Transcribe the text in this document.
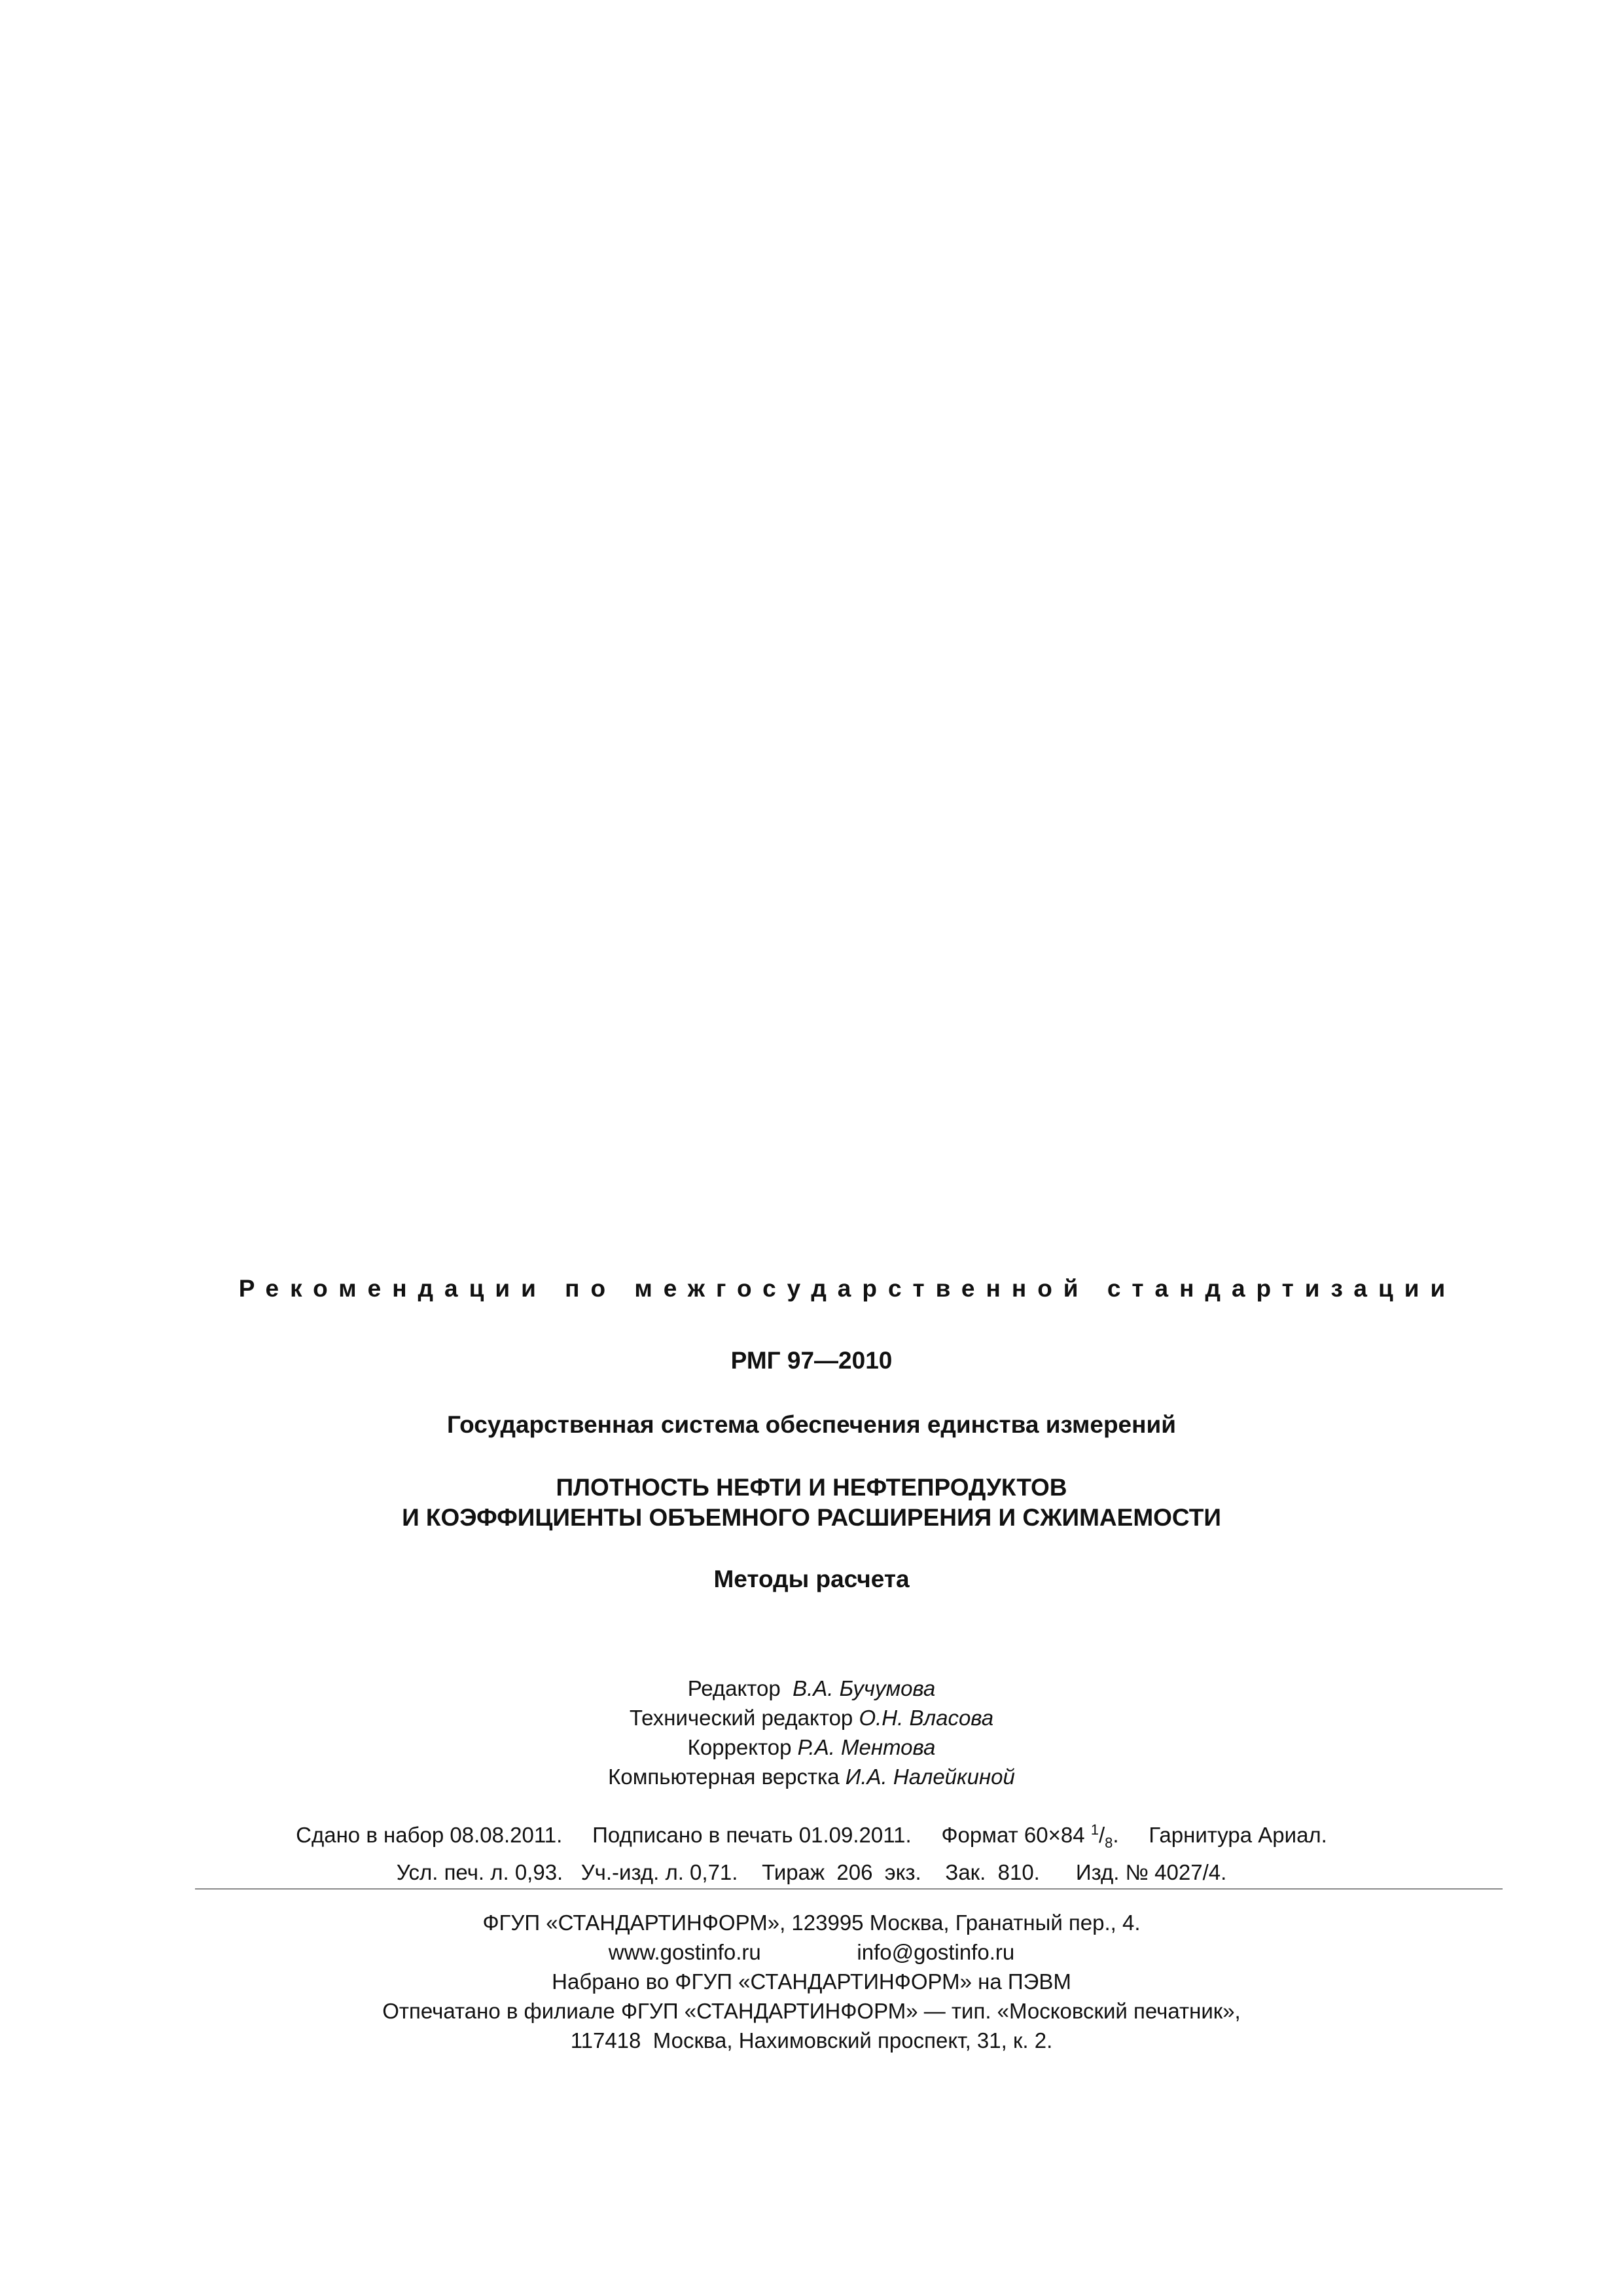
Рекомендации по межгосударственной стандартизации
РМГ 97—2010
Государственная система обеспечения единства измерений
ПЛОТНОСТЬ НЕФТИ И НЕФТЕПРОДУКТОВ
И КОЭФФИЦИЕНТЫ ОБЪЕМНОГО РАСШИРЕНИЯ И СЖИМАЕМОСТИ
Методы расчета
Редактор В.А. Бучумова
Технический редактор О.Н. Власова
Корректор Р.А. Ментова
Компьютерная верстка И.А. Налейкиной
Сдано в набор 08.08.2011. Подписано в печать 01.09.2011. Формат 60×84 $^1/_8$. Гарнитура Ариал.
Усл. печ. л. 0,93.   Уч.-изд. л. 0,71.    Тираж  206  экз.    Зак.  810.      Изд. № 4027/4.
ФГУП «СТАНДАРТИНФОРМ», 123995 Москва, Гранатный пер., 4.
www.gostinfo.ru	info@gostinfo.ru
Набрано во ФГУП «СТАНДАРТИНФОРМ» на ПЭВМ
Отпечатано в филиале ФГУП «СТАНДАРТИНФОРМ» — тип. «Московский печатник»,
117418  Москва, Нахимовский проспект, 31, к. 2.
